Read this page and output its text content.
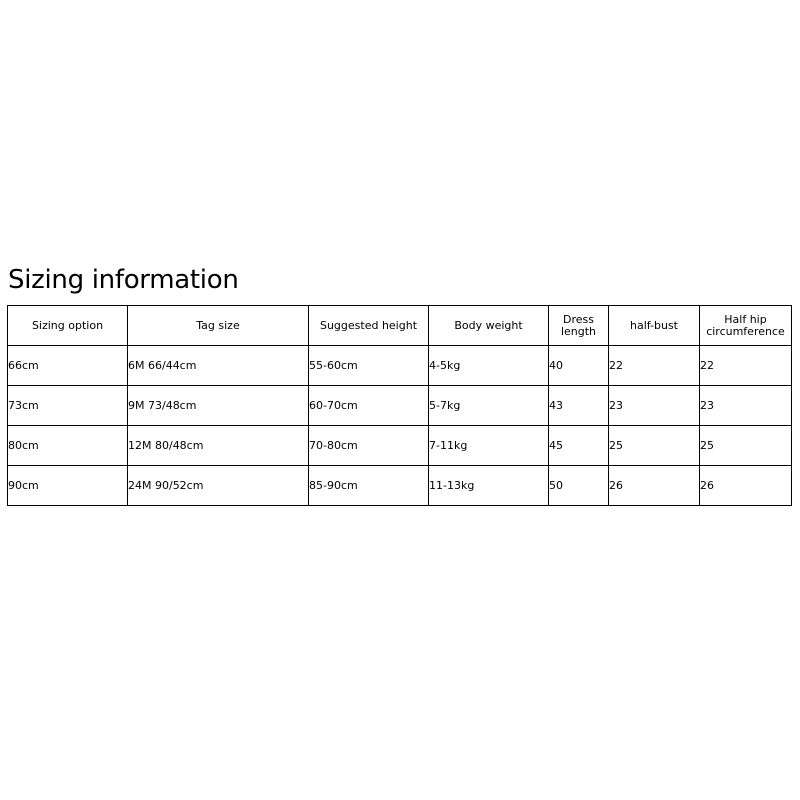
Sizing information
Sizing option	Tag size	Suggested height	Body weight	Dress length	half-bust	Half hip circumference
66cm	6M 66/44cm	55-60cm	4-5kg	40	22	22
73cm	9M 73/48cm	60-70cm	5-7kg	43	23	23
80cm	12M 80/48cm	70-80cm	7-11kg	45	25	25
90cm	24M 90/52cm	85-90cm	11-13kg	50	26	26
